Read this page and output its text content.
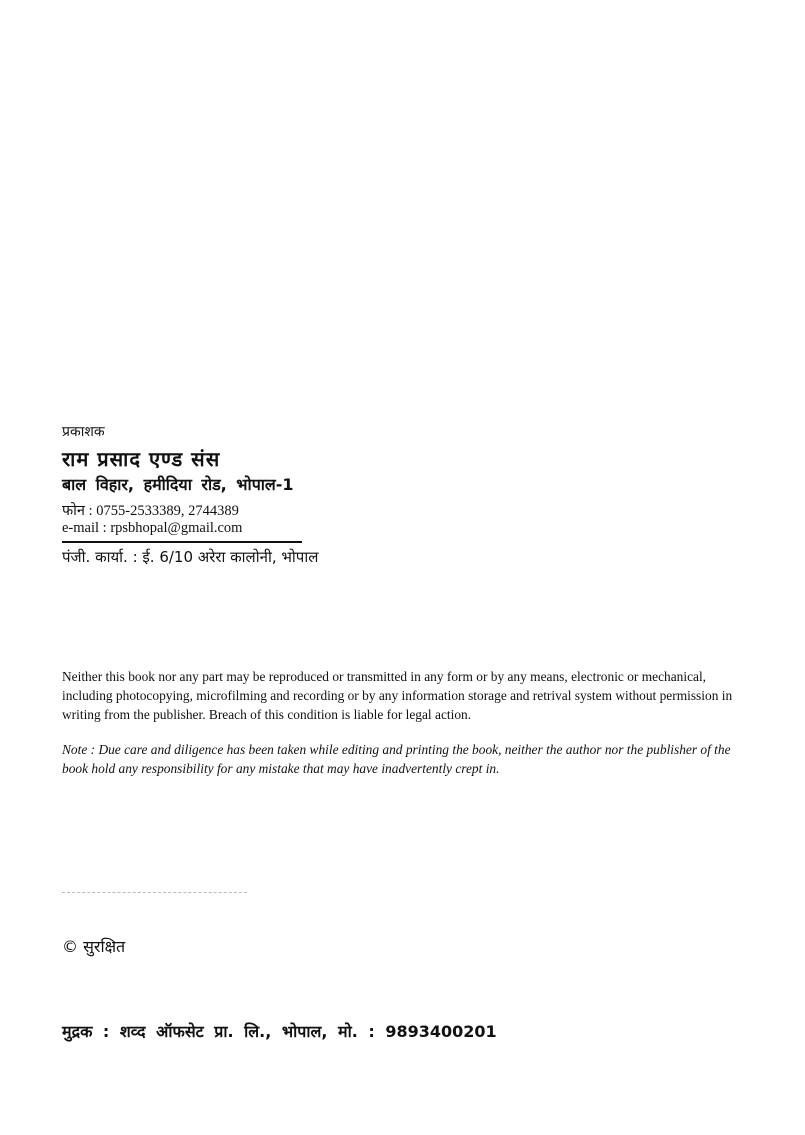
प्रकाशक
राम प्रसाद एण्ड संस
बाल विहार, हमीदिया रोड, भोपाल-1
फोन : 0755-2533389, 2744389
e-mail : rpsbhopal@gmail.com
पंजी. कार्या. : ई. 6/10 अरेरा कालोनी, भोपाल

Neither this book nor any part may be reproduced or transmitted in any form or by any means, electronic or mechanical, including photocopying, microfilming and recording or by any information storage and retrival system without permission in writing from the publisher. Breach of this condition is liable for legal action.

Note : Due care and diligence has been taken while editing and printing the book, neither the author nor the publisher of the book hold any responsibility for any mistake that may have inadvertently crept in.

© सुरक्षित
मुद्रक : शव्द ऑफसेट प्रा. लि., भोपाल, मो. : 9893400201
